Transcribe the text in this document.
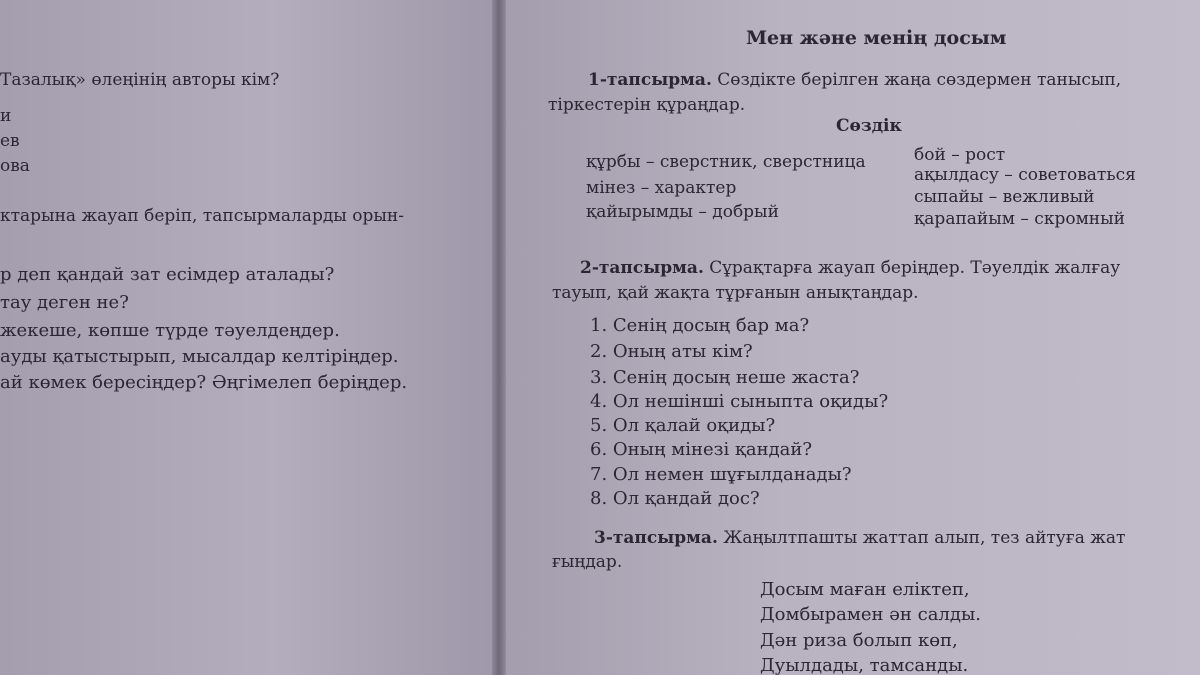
Тазалық» өлеңінің авторы кім?
и
ев
ова
ктарына жауап беріп, тапсырмаларды орын-
р деп қандай зат есімдер аталады?
тау деген не?
жекеше, көпше түрде тәуелдеңдер.
ауды қатыстырып, мысалдар келтіріңдер.
ай көмек бересіңдер? Әңгімелеп беріңдер.
Мен және менің досым
1-тапсырма. Сөздікте берілген жаңа сөздермен танысып,
тіркестерін құраңдар.
Сөздік
құрбы – сверстник, сверстница
мінез – характер
қайырымды – добрый
бой – рост
ақылдасу – советоваться
сыпайы – вежливый
қарапайым – скромный
2-тапсырма. Сұрақтарға жауап беріңдер. Тәуелдік жалғау
тауып, қай жақта тұрғанын анықтаңдар.
1. Сенің досың бар ма?
2. Оның аты кім?
3. Сенің досың неше жаста?
4. Ол нешінші сыныпта оқиды?
5. Ол қалай оқиды?
6. Оның мінезі қандай?
7. Ол немен шұғылданады?
8. Ол қандай дос?
3-тапсырма. Жаңылтпашты жаттап алып, тез айтуға жат
ғыңдар.
Досым маған еліктеп,
Домбырамен ән салды.
Дән риза болып көп,
Дуылдады, тамсанды.
